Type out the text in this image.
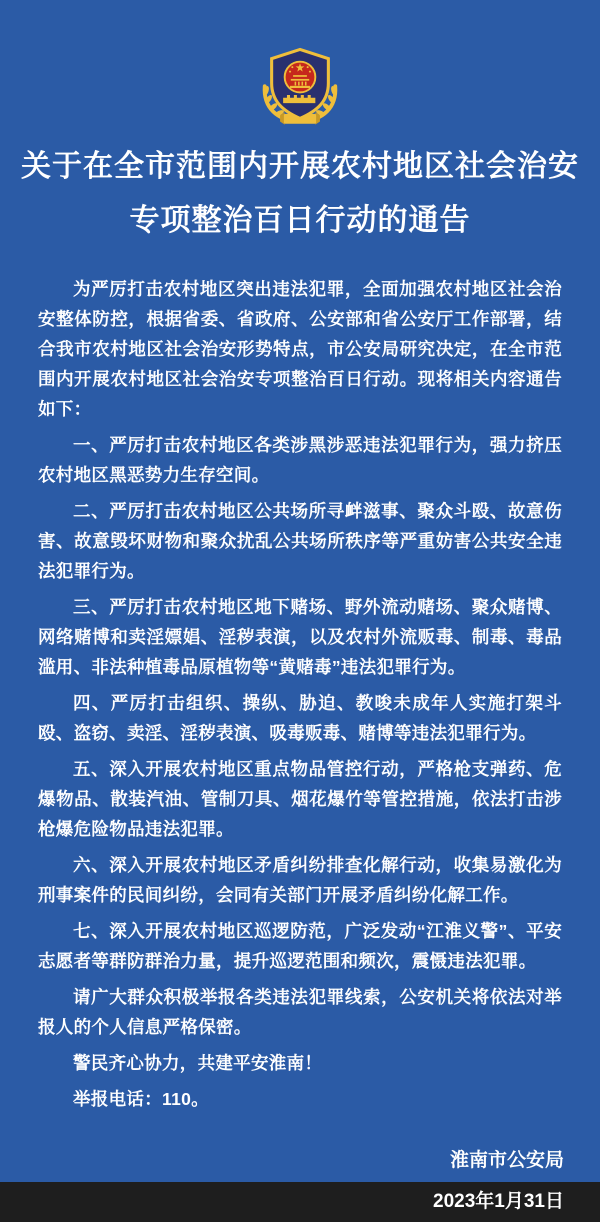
关于在全市范围内开展农村地区社会治安
专项整治百日行动的通告

为严厉打击农村地区突出违法犯罪，全面加强农村地区社会治安整体防控，根据省委、省政府、公安部和省公安厅工作部署，结合我市农村地区社会治安形势特点，市公安局研究决定，在全市范围内开展农村地区社会治安专项整治百日行动。现将相关内容通告如下：

一、严厉打击农村地区各类涉黑涉恶违法犯罪行为，强力挤压农村地区黑恶势力生存空间。

二、严厉打击农村地区公共场所寻衅滋事、聚众斗殴、故意伤害、故意毁坏财物和聚众扰乱公共场所秩序等严重妨害公共安全违法犯罪行为。

三、严厉打击农村地区地下赌场、野外流动赌场、聚众赌博、网络赌博和卖淫嫖娼、淫秽表演，以及农村外流贩毒、制毒、毒品滥用、非法种植毒品原植物等“黄赌毒”违法犯罪行为。

四、严厉打击组织、操纵、胁迫、教唆未成年人实施打架斗殴、盗窃、卖淫、淫秽表演、吸毒贩毒、赌博等违法犯罪行为。

五、深入开展农村地区重点物品管控行动，严格枪支弹药、危爆物品、散装汽油、管制刀具、烟花爆竹等管控措施，依法打击涉枪爆危险物品违法犯罪。

六、深入开展农村地区矛盾纠纷排查化解行动，收集易激化为刑事案件的民间纠纷，会同有关部门开展矛盾纠纷化解工作。

七、深入开展农村地区巡逻防范，广泛发动“江淮义警”、平安志愿者等群防群治力量，提升巡逻范围和频次，震慑违法犯罪。

请广大群众积极举报各类违法犯罪线索，公安机关将依法对举报人的个人信息严格保密。

警民齐心协力，共建平安淮南！

举报电话：110。

淮南市公安局
2023年1月31日
